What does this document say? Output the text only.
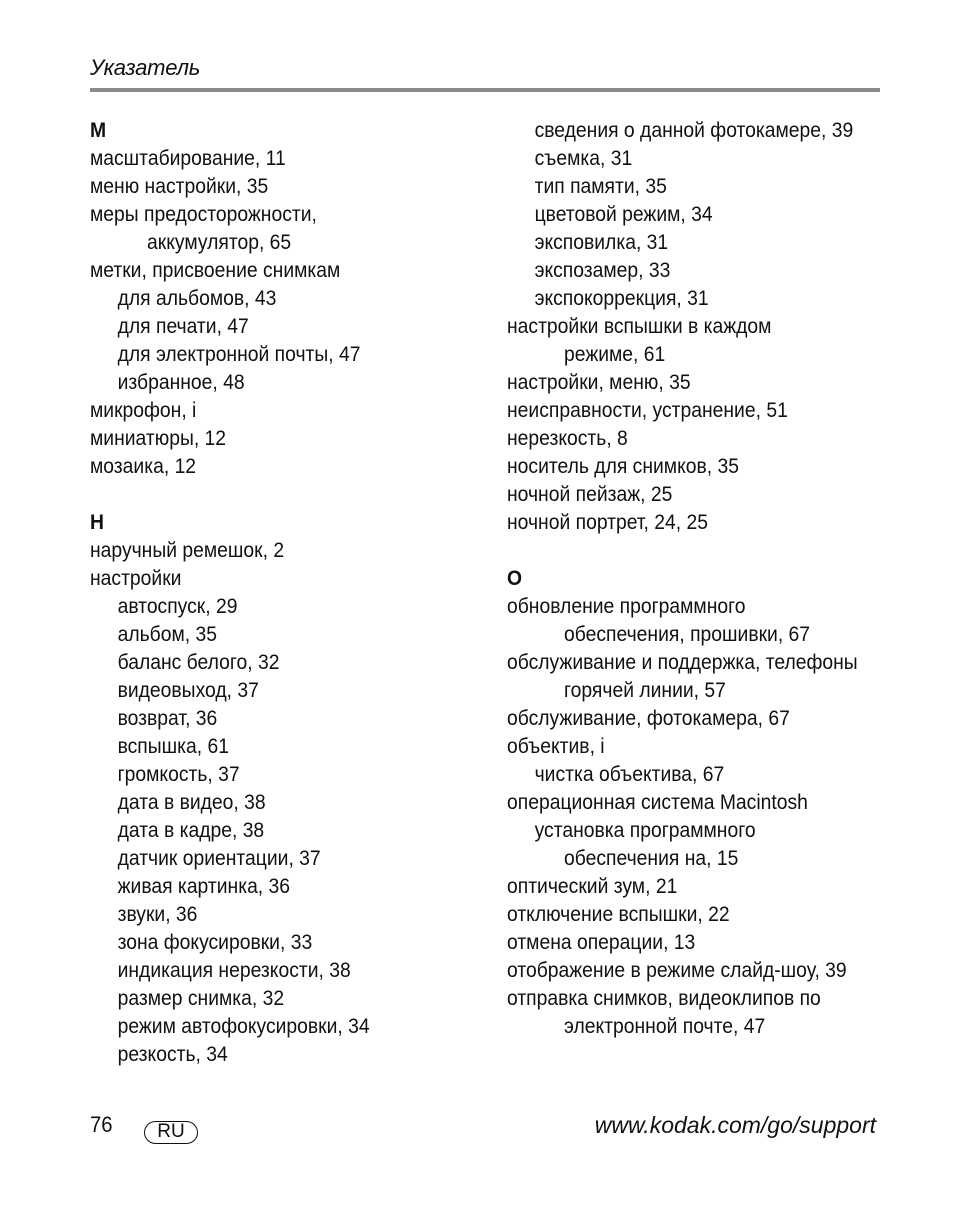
Указатель
М
масштабирование, 11
меню настройки, 35
меры предосторожности,
аккумулятор, 65
метки, присвоение снимкам
для альбомов, 43
для печати, 47
для электронной почты, 47
избранное, 48
микрофон, i
миниатюры, 12
мозаика, 12
Н
наручный ремешок, 2
настройки
автоспуск, 29
альбом, 35
баланс белого, 32
видеовыход, 37
возврат, 36
вспышка, 61
громкость, 37
дата в видео, 38
дата в кадре, 38
датчик ориентации, 37
живая картинка, 36
звуки, 36
зона фокусировки, 33
индикация нерезкости, 38
размер снимка, 32
режим автофокусировки, 34
резкость, 34
сведения о данной фотокамере, 39
съемка, 31
тип памяти, 35
цветовой режим, 34
эксповилка, 31
экспозамер, 33
экспокоррекция, 31
настройки вспышки в каждом
режиме, 61
настройки, меню, 35
неисправности, устранение, 51
нерезкость, 8
носитель для снимков, 35
ночной пейзаж, 25
ночной портрет, 24, 25
О
обновление программного
обеспечения, прошивки, 67
обслуживание и поддержка, телефоны
горячей линии, 57
обслуживание, фотокамера, 67
объектив, i
чистка объектива, 67
операционная система Macintosh
установка программного
обеспечения на, 15
оптический зум, 21
отключение вспышки, 22
отмена операции, 13
отображение в режиме слайд-шоу, 39
отправка снимков, видеоклипов по
электронной почте, 47
76	RU	www.kodak.com/go/support
